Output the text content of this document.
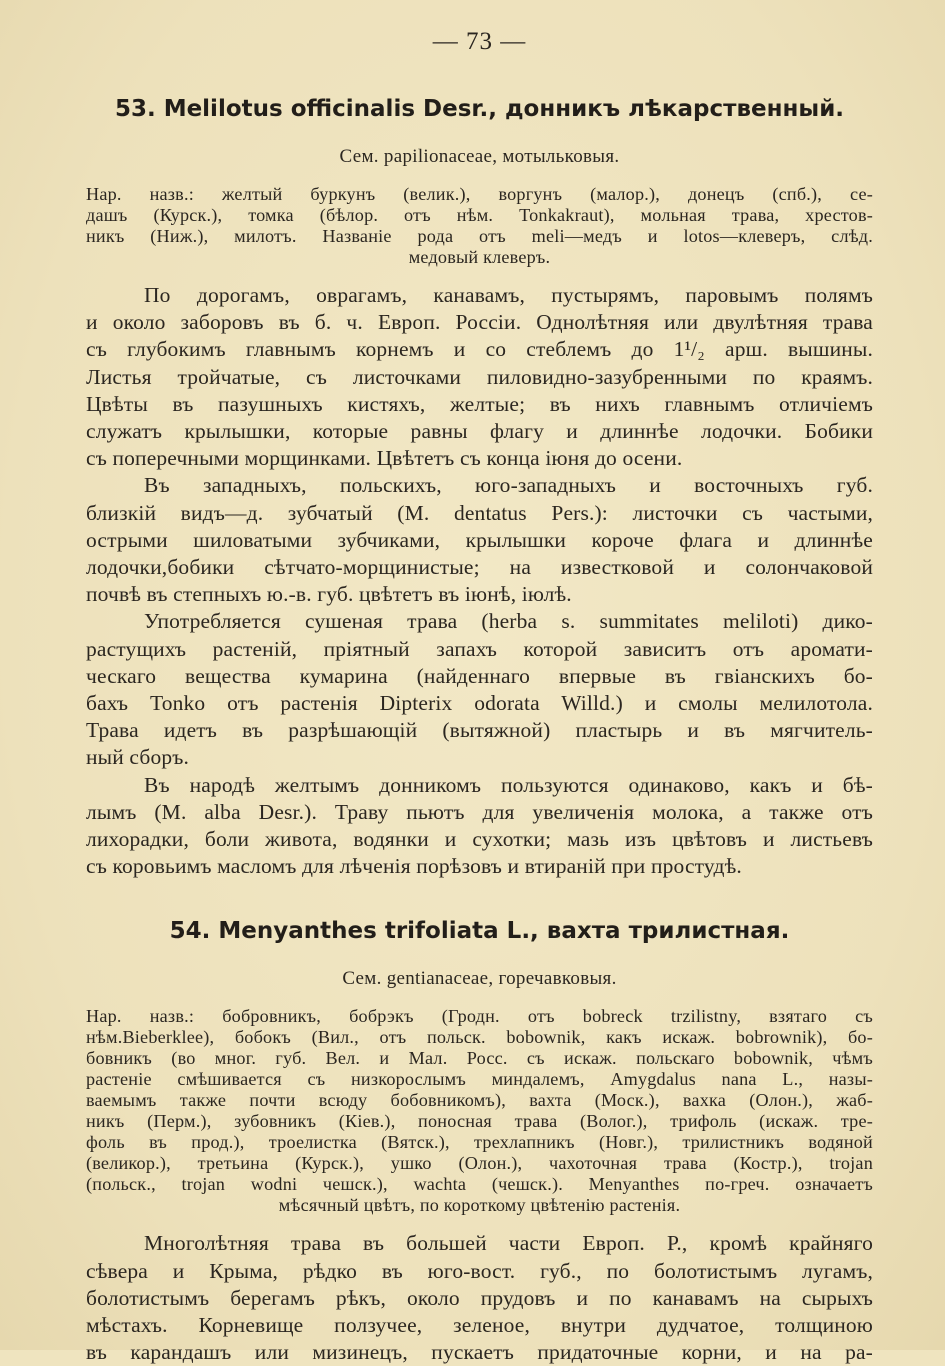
— 73 —
53. Melilotus officinalis Desr., донникъ лѣкарственный.
Сем. papilionaceae, мотыльковыя.
Нар. назв.: желтый буркунъ (велик.), воргунъ (малор.), донецъ (спб.), се-
дашъ (Курск.), томка (бѣлор. отъ нѣм. Tonkakraut), мольная трава, хрестов-
никъ (Ниж.), милотъ. Названіе рода отъ meli—медъ и lotos—клеверъ, слѣд.
медовый клеверъ.
По дорогамъ, оврагамъ, канавамъ, пустырямъ, паровымъ полямъ
и около заборовъ въ б. ч. Европ. Россіи. Однолѣтняя или двулѣтняя трава
съ глубокимъ главнымъ корнемъ и со стеблемъ до 1¹/₂ арш. вышины.
Листья тройчатые, съ листочками пиловидно-зазубренными по краямъ.
Цвѣты въ пазушныхъ кистяхъ, желтые; въ нихъ главнымъ отличіемъ
служатъ крылышки, которые равны флагу и длиннѣе лодочки. Бобики
съ поперечными морщинками. Цвѣтетъ съ конца іюня до осени.
Въ западныхъ, польскихъ, юго-западныхъ и восточныхъ губ.
близкій видъ—д. зубчатый (M. dentatus Pers.): листочки съ частыми,
острыми шиловатыми зубчиками, крылышки короче флага и длиннѣе
лодочки,бобики сѣтчато-морщинистые; на известковой и солончаковой
почвѣ въ степныхъ ю.-в. губ. цвѣтетъ въ іюнѣ, іюлѣ.
Употребляется сушеная трава (herba s. summitates meliloti) дико-
растущихъ растеній, пріятный запахъ которой зависитъ отъ аромати-
ческаго вещества кумарина (найденнаго впервые въ гвіанскихъ бо-
бахъ Tonko отъ растенія Dipterix odorata Willd.) и смолы мелилотола.
Трава идетъ въ разрѣшающій (вытяжной) пластырь и въ мягчитель-
ный сборъ.
Въ народѣ желтымъ донникомъ пользуются одинаково, какъ и бѣ-
лымъ (M. alba Desr.). Траву пьютъ для увеличенія молока, а также отъ
лихорадки, боли живота, водянки и сухотки; мазь изъ цвѣтовъ и листьевъ
съ коровьимъ масломъ для лѣченія порѣзовъ и втираній при простудѣ.
54. Menyanthes trifoliata L., вахта трилистная.
Сем. gentianaceae, горечавковыя.
Нар. назв.: бобровникъ, бобрэкъ (Гродн. отъ bobreck trzilistny, взятаго съ
нѣм.Bieberklee), бобокъ (Вил., отъ польск. bobownik, какъ искаж. bobrownik), бо-
бовникъ (во мног. губ. Вел. и Мал. Росс. съ искаж. польскаго bobownik, чѣмъ
растеніе смѣшивается съ низкорослымъ миндалемъ, Amygdalus nana L., назы-
ваемымъ также почти всюду бобовникомъ), вахта (Моск.), вахка (Олон.), жаб-
никъ (Перм.), зубовникъ (Кіев.), поносная трава (Волог.), трифоль (искаж. тре-
фоль въ прод.), троелистка (Вятск.), трехлапникъ (Новг.), трилистникъ водяной
(великор.), третьина (Курск.), ушко (Олон.), чахоточная трава (Костр.), trojan
(польск., trojan wodni чешск.), wachta (чешск.). Menyanthes по-греч. означаетъ
мѣсячный цвѣтъ, по короткому цвѣтенію растенія.
Многолѣтняя трава въ большей части Европ. Р., кромѣ крайняго
сѣвера и Крыма, рѣдко въ юго-вост. губ., по болотистымъ лугамъ,
болотистымъ берегамъ рѣкъ, около прудовъ и по канавамъ на сырыхъ
мѣстахъ. Корневище ползучее, зеленое, внутри дудчатое, толщиною
въ карандашъ или мизинецъ, пускаетъ придаточные корни, и на ра-
